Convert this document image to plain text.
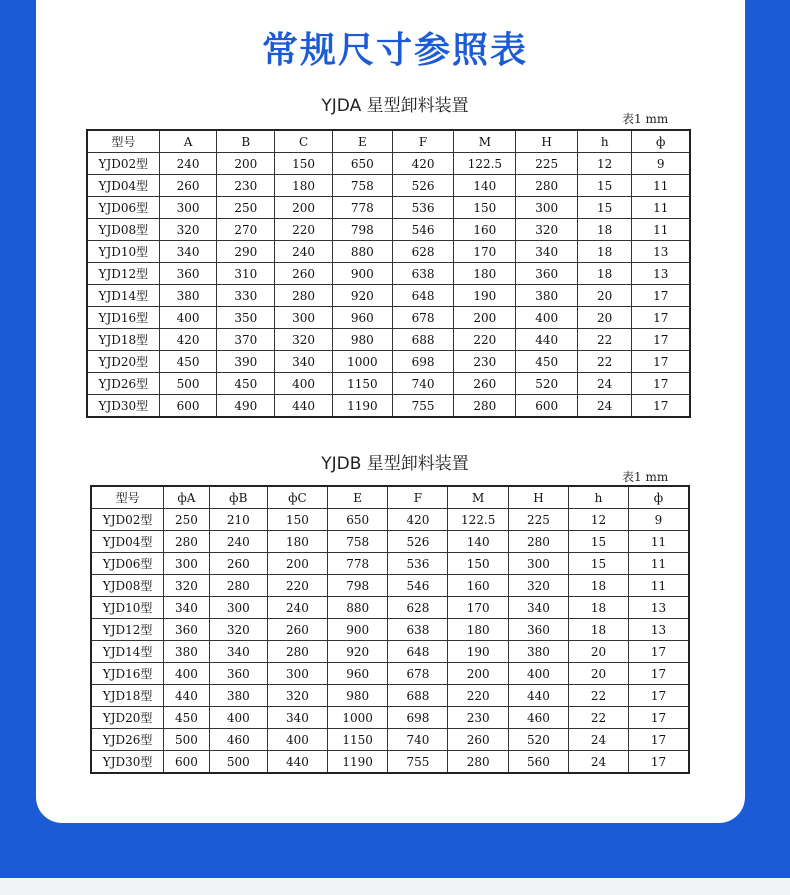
常规尺寸参照表
YJDA 星型卸料装置
表1 mm
型号	A	B	C	E	F	M	H	h	ф
YJD02型	240	200	150	650	420	122.5	225	12	9
YJD04型	260	230	180	758	526	140	280	15	11
YJD06型	300	250	200	778	536	150	300	15	11
YJD08型	320	270	220	798	546	160	320	18	11
YJD10型	340	290	240	880	628	170	340	18	13
YJD12型	360	310	260	900	638	180	360	18	13
YJD14型	380	330	280	920	648	190	380	20	17
YJD16型	400	350	300	960	678	200	400	20	17
YJD18型	420	370	320	980	688	220	440	22	17
YJD20型	450	390	340	1000	698	230	450	22	17
YJD26型	500	450	400	1150	740	260	520	24	17
YJD30型	600	490	440	1190	755	280	600	24	17
YJDB 星型卸料装置
表1 mm
型号	фA	фB	фC	E	F	M	H	h	ф
YJD02型	250	210	150	650	420	122.5	225	12	9
YJD04型	280	240	180	758	526	140	280	15	11
YJD06型	300	260	200	778	536	150	300	15	11
YJD08型	320	280	220	798	546	160	320	18	11
YJD10型	340	300	240	880	628	170	340	18	13
YJD12型	360	320	260	900	638	180	360	18	13
YJD14型	380	340	280	920	648	190	380	20	17
YJD16型	400	360	300	960	678	200	400	20	17
YJD18型	440	380	320	980	688	220	440	22	17
YJD20型	450	400	340	1000	698	230	460	22	17
YJD26型	500	460	400	1150	740	260	520	24	17
YJD30型	600	500	440	1190	755	280	560	24	17
